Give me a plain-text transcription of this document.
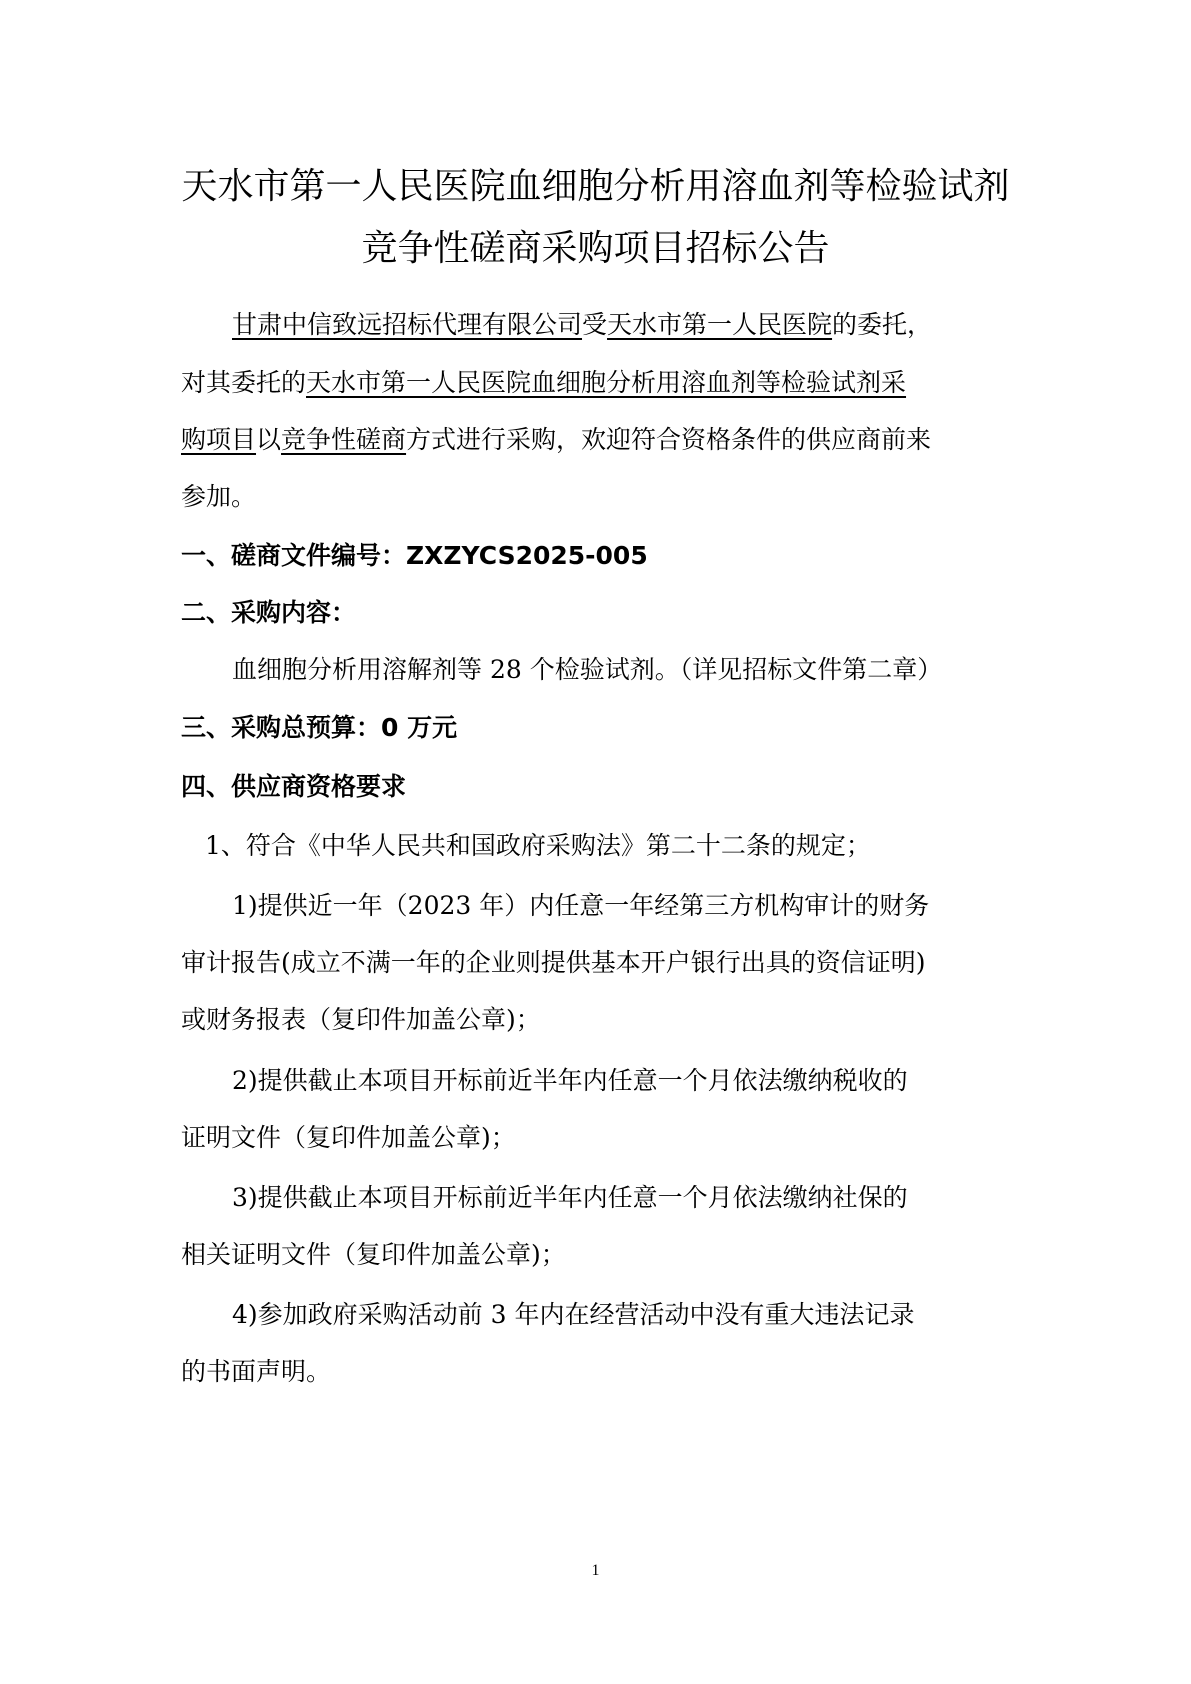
天水市第一人民医院血细胞分析用溶血剂等检验试剂
竞争性磋商采购项目招标公告
甘肃中信致远招标代理有限公司受天水市第一人民医院的委托，
对其委托的天水市第一人民医院血细胞分析用溶血剂等检验试剂采
购项目以竞争性磋商方式进行采购，欢迎符合资格条件的供应商前来
参加。
一、磋商文件编号：ZXZYCS2025-005
二、采购内容：
血细胞分析用溶解剂等 28 个检验试剂。（详见招标文件第二章）
三、采购总预算：0 万元
四、供应商资格要求
1、符合《中华人民共和国政府采购法》第二十二条的规定；
1)提供近一年（2023 年）内任意一年经第三方机构审计的财务
审计报告(成立不满一年的企业则提供基本开户银行出具的资信证明)
或财务报表（复印件加盖公章)；
2)提供截止本项目开标前近半年内任意一个月依法缴纳税收的
证明文件（复印件加盖公章)；
3)提供截止本项目开标前近半年内任意一个月依法缴纳社保的
相关证明文件（复印件加盖公章)；
4)参加政府采购活动前 3 年内在经营活动中没有重大违法记录
的书面声明。
1
